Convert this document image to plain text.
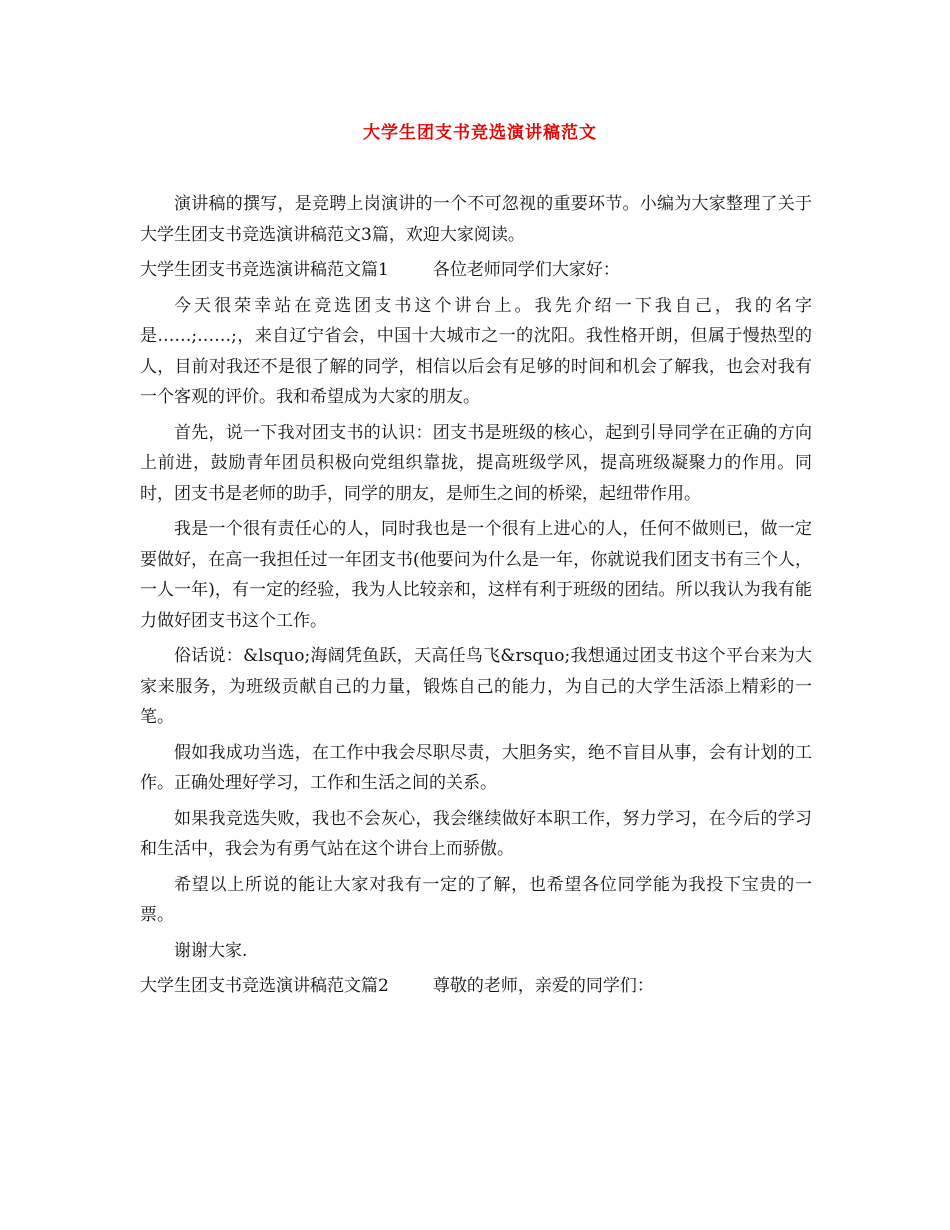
大学生团支书竞选演讲稿范文

演讲稿的撰写，是竞聘上岗演讲的一个不可忽视的重要环节。小编为大家整理了关于大学生团支书竞选演讲稿范文3篇，欢迎大家阅读。

大学生团支书竞选演讲稿范文篇1	各位老师同学们大家好：

今天很荣幸站在竞选团支书这个讲台上。我先介绍一下我自己，我的名字是……;……;，来自辽宁省会，中国十大城市之一的沈阳。我性格开朗，但属于慢热型的人，目前对我还不是很了解的同学，相信以后会有足够的时间和机会了解我，也会对我有一个客观的评价。我和希望成为大家的朋友。

首先，说一下我对团支书的认识：团支书是班级的核心，起到引导同学在正确的方向上前进，鼓励青年团员积极向党组织靠拢，提高班级学风，提高班级凝聚力的作用。同时，团支书是老师的助手，同学的朋友，是师生之间的桥梁，起纽带作用。

我是一个很有责任心的人，同时我也是一个很有上进心的人，任何不做则已，做一定要做好，在高一我担任过一年团支书(他要问为什么是一年，你就说我们团支书有三个人，一人一年)，有一定的经验，我为人比较亲和，这样有利于班级的团结。所以我认为我有能力做好团支书这个工作。

俗话说：&lsquo;海阔凭鱼跃，天高任鸟飞&rsquo;我想通过团支书这个平台来为大家来服务，为班级贡献自己的力量，锻炼自己的能力，为自己的大学生活添上精彩的一笔。

假如我成功当选，在工作中我会尽职尽责，大胆务实，绝不盲目从事，会有计划的工作。正确处理好学习，工作和生活之间的关系。

如果我竞选失败，我也不会灰心，我会继续做好本职工作，努力学习，在今后的学习和生活中，我会为有勇气站在这个讲台上而骄傲。

希望以上所说的能让大家对我有一定的了解，也希望各位同学能为我投下宝贵的一票。

谢谢大家.

大学生团支书竞选演讲稿范文篇2	尊敬的老师，亲爱的同学们：
